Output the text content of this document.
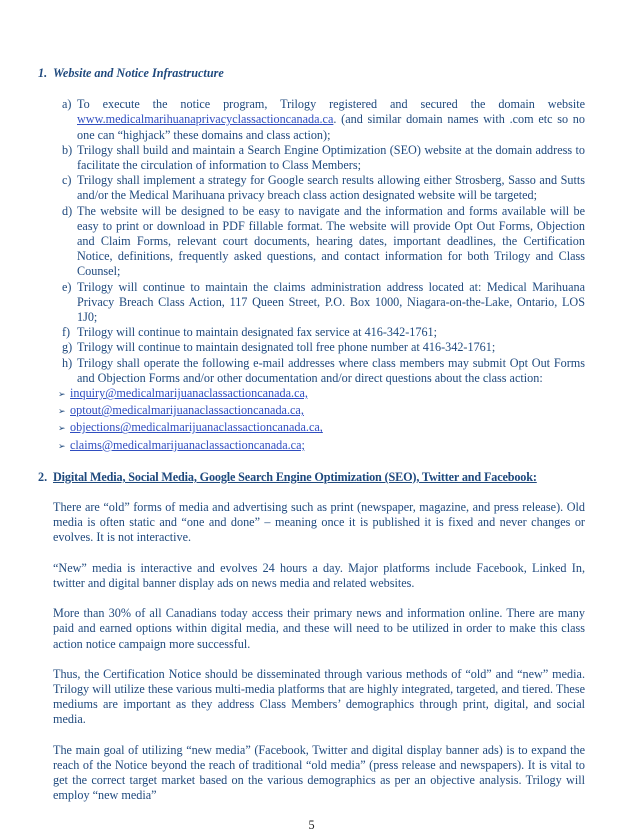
1. Website and Notice Infrastructure
a) To execute the notice program, Trilogy registered and secured the domain website www.medicalmarihuanaprivacyclassactioncanada.ca. (and similar domain names with .com etc so no one can “highjack” these domains and class action);
b) Trilogy shall build and maintain a Search Engine Optimization (SEO) website at the domain address to facilitate the circulation of information to Class Members;
c) Trilogy shall implement a strategy for Google search results allowing either Strosberg, Sasso and Sutts and/or the Medical Marihuana privacy breach class action designated website will be targeted;
d) The website will be designed to be easy to navigate and the information and forms available will be easy to print or download in PDF fillable format. The website will provide Opt Out Forms, Objection and Claim Forms, relevant court documents, hearing dates, important deadlines, the Certification Notice, definitions, frequently asked questions, and contact information for both Trilogy and Class Counsel;
e) Trilogy will continue to maintain the claims administration address located at: Medical Marihuana Privacy Breach Class Action, 117 Queen Street, P.O. Box 1000, Niagara-on-the-Lake, Ontario, LOS 1J0;
f) Trilogy will continue to maintain designated fax service at 416-342-1761;
g) Trilogy will continue to maintain designated toll free phone number at 416-342-1761;
h) Trilogy shall operate the following e-mail addresses where class members may submit Opt Out Forms and Objection Forms and/or other documentation and/or direct questions about the class action:
➢ inquiry@medicalmarijuanaclassactioncanada.ca,
➢ optout@medicalmarijuanaclassactioncanada.ca,
➢ objections@medicalmarijuanaclassactioncanada.ca,
➢ claims@medicalmarijuanaclassactioncanada.ca;
2. Digital Media, Social Media, Google Search Engine Optimization (SEO), Twitter and Facebook:
There are “old” forms of media and advertising such as print (newspaper, magazine, and press release). Old media is often static and “one and done” – meaning once it is published it is fixed and never changes or evolves. It is not interactive.
“New” media is interactive and evolves 24 hours a day. Major platforms include Facebook, Linked In, twitter and digital banner display ads on news media and related websites.
More than 30% of all Canadians today access their primary news and information online. There are many paid and earned options within digital media, and these will need to be utilized in order to make this class action notice campaign more successful.
Thus, the Certification Notice should be disseminated through various methods of “old” and “new” media. Trilogy will utilize these various multi-media platforms that are highly integrated, targeted, and tiered. These mediums are important as they address Class Members’ demographics through print, digital, and social media.
The main goal of utilizing “new media” (Facebook, Twitter and digital display banner ads) is to expand the reach of the Notice beyond the reach of traditional “old media” (press release and newspapers). It is vital to get the correct target market based on the various demographics as per an objective analysis. Trilogy will employ “new media”
5
